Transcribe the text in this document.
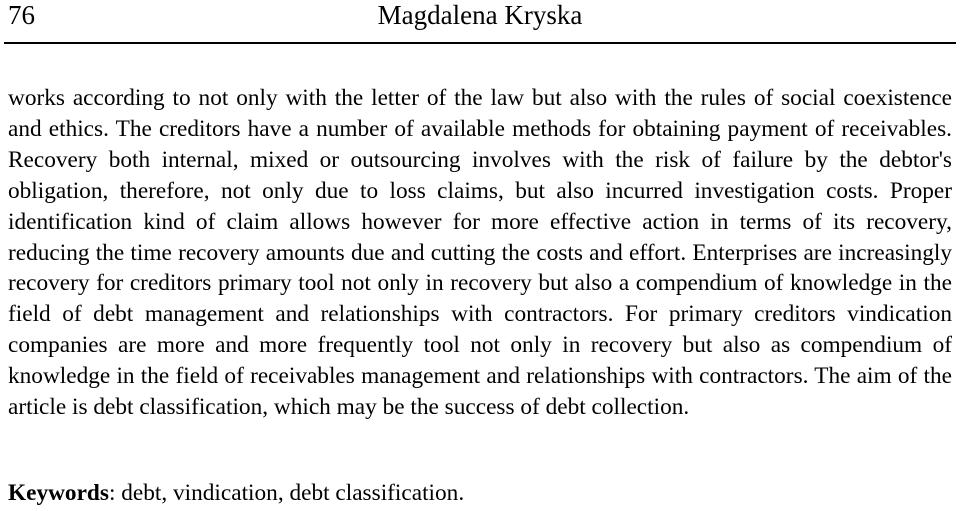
76	Magdalena Kryska

works according to not only with the letter of the law but also with the rules of social coexistence and ethics. The creditors have a number of available methods for obtaining payment of receivables. Recovery both internal, mixed or outsourcing involves with the risk of failure by the debtor's obligation, therefore, not only due to loss claims, but also incurred investigation costs. Proper identification kind of claim allows however for more effective action in terms of its recovery, reducing the time recovery amounts due and cutting the costs and effort. Enterprises are increasingly recovery for creditors primary tool not only in recovery but also a compendium of knowledge in the field of debt management and relationships with contractors. For primary creditors vindication companies are more and more frequently tool not only in recovery but also as compendium of knowledge in the field of receivables management and relationships with contractors. The aim of the article is debt classification, which may be the success of debt collection.

Keywords: debt, vindication, debt classification.
